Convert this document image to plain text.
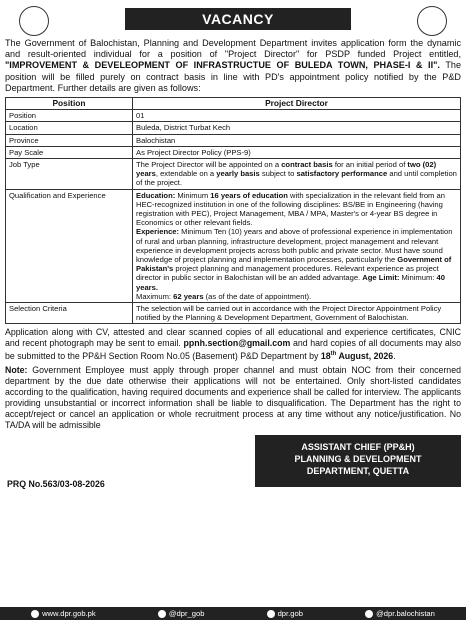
VACANCY

The Government of Balochistan, Planning and Development Department invites application form the dynamic and result-oriented individual for a position of "Project Director" for PSDP funded Project entitled, "IMPROVEMENT & DEVELEOPMENT OF INFRASTRUCTUE OF BULEDA TOWN, PHASE-I & II". The position will be filled purely on contract basis in line with PD's appointment policy notified by the P&D Department. Further details are given as follows:

Position	Project Director
Position	01
Location	Buleda, District Turbat Kech
Province	Balochistan
Pay Scale	As Project Director Policy (PPS-9)
Job Type	The Project Director will be appointed on a contract basis for an initial period of two (02) years, extendable on a yearly basis subject to satisfactory performance and until completion of the project.
Qualification and Experience	Education: Minimum 16 years of education with specialization in the relevant field from an HEC-recognized institution in one of the following disciplines: BS/BE in Engineering (having registration with PEC), Project Management, MBA / MPA, Master's or 4-year BS degree in Economics or other relevant fields.
Experience: Minimum Ten (10) years and above of professional experience in implementation of rural and urban planning, infrastructure development, project management and relevant experience in development projects across both public and private sector. Must have sound knowledge of project planning and implementation processes, particularly the Government of Pakistan's project planning and management procedures. Relevant experience as project director in public sector in Balochistan will be an added advantage. Age Limit: Minimum: 40 years.
Maximum: 62 years (as of the date of appointment).

Selection Criteria	The selection will be carried out in accordance with the Project Director Appointment Policy notified by the Planning & Development Department, Government of Balochistan.

Application along with CV, attested and clear scanned copies of all educational and experience certificates, CNIC and recent photograph may be sent to email. ppnh.section@gmail.com and hard copies of all documents may also be submitted to the PP&H Section Room No.05 (Basement) P&D Department by 18th August, 2026.

Note: Government Employee must apply through proper channel and must obtain NOC from their concerned department by the due date otherwise their applications will not be entertained. Only short-listed candidates according to the qualification, having required documents and experience shall be called for interview. The applicants providing unsubstantial or incorrect information shall be liable to disqualification. The Department has the right to accept/reject or cancel an application or whole recruitment process at any time without any notice/justification. No TA/DA will be admissible

ASSISTANT CHIEF (PP&H)
PLANNING & DEVELOPMENT
DEPARTMENT, QUETTA
PRQ No.563/03-08-2026
www.dpr.gob.pk	@dpr_gob	dpr.gob	@dpr.balochistan
